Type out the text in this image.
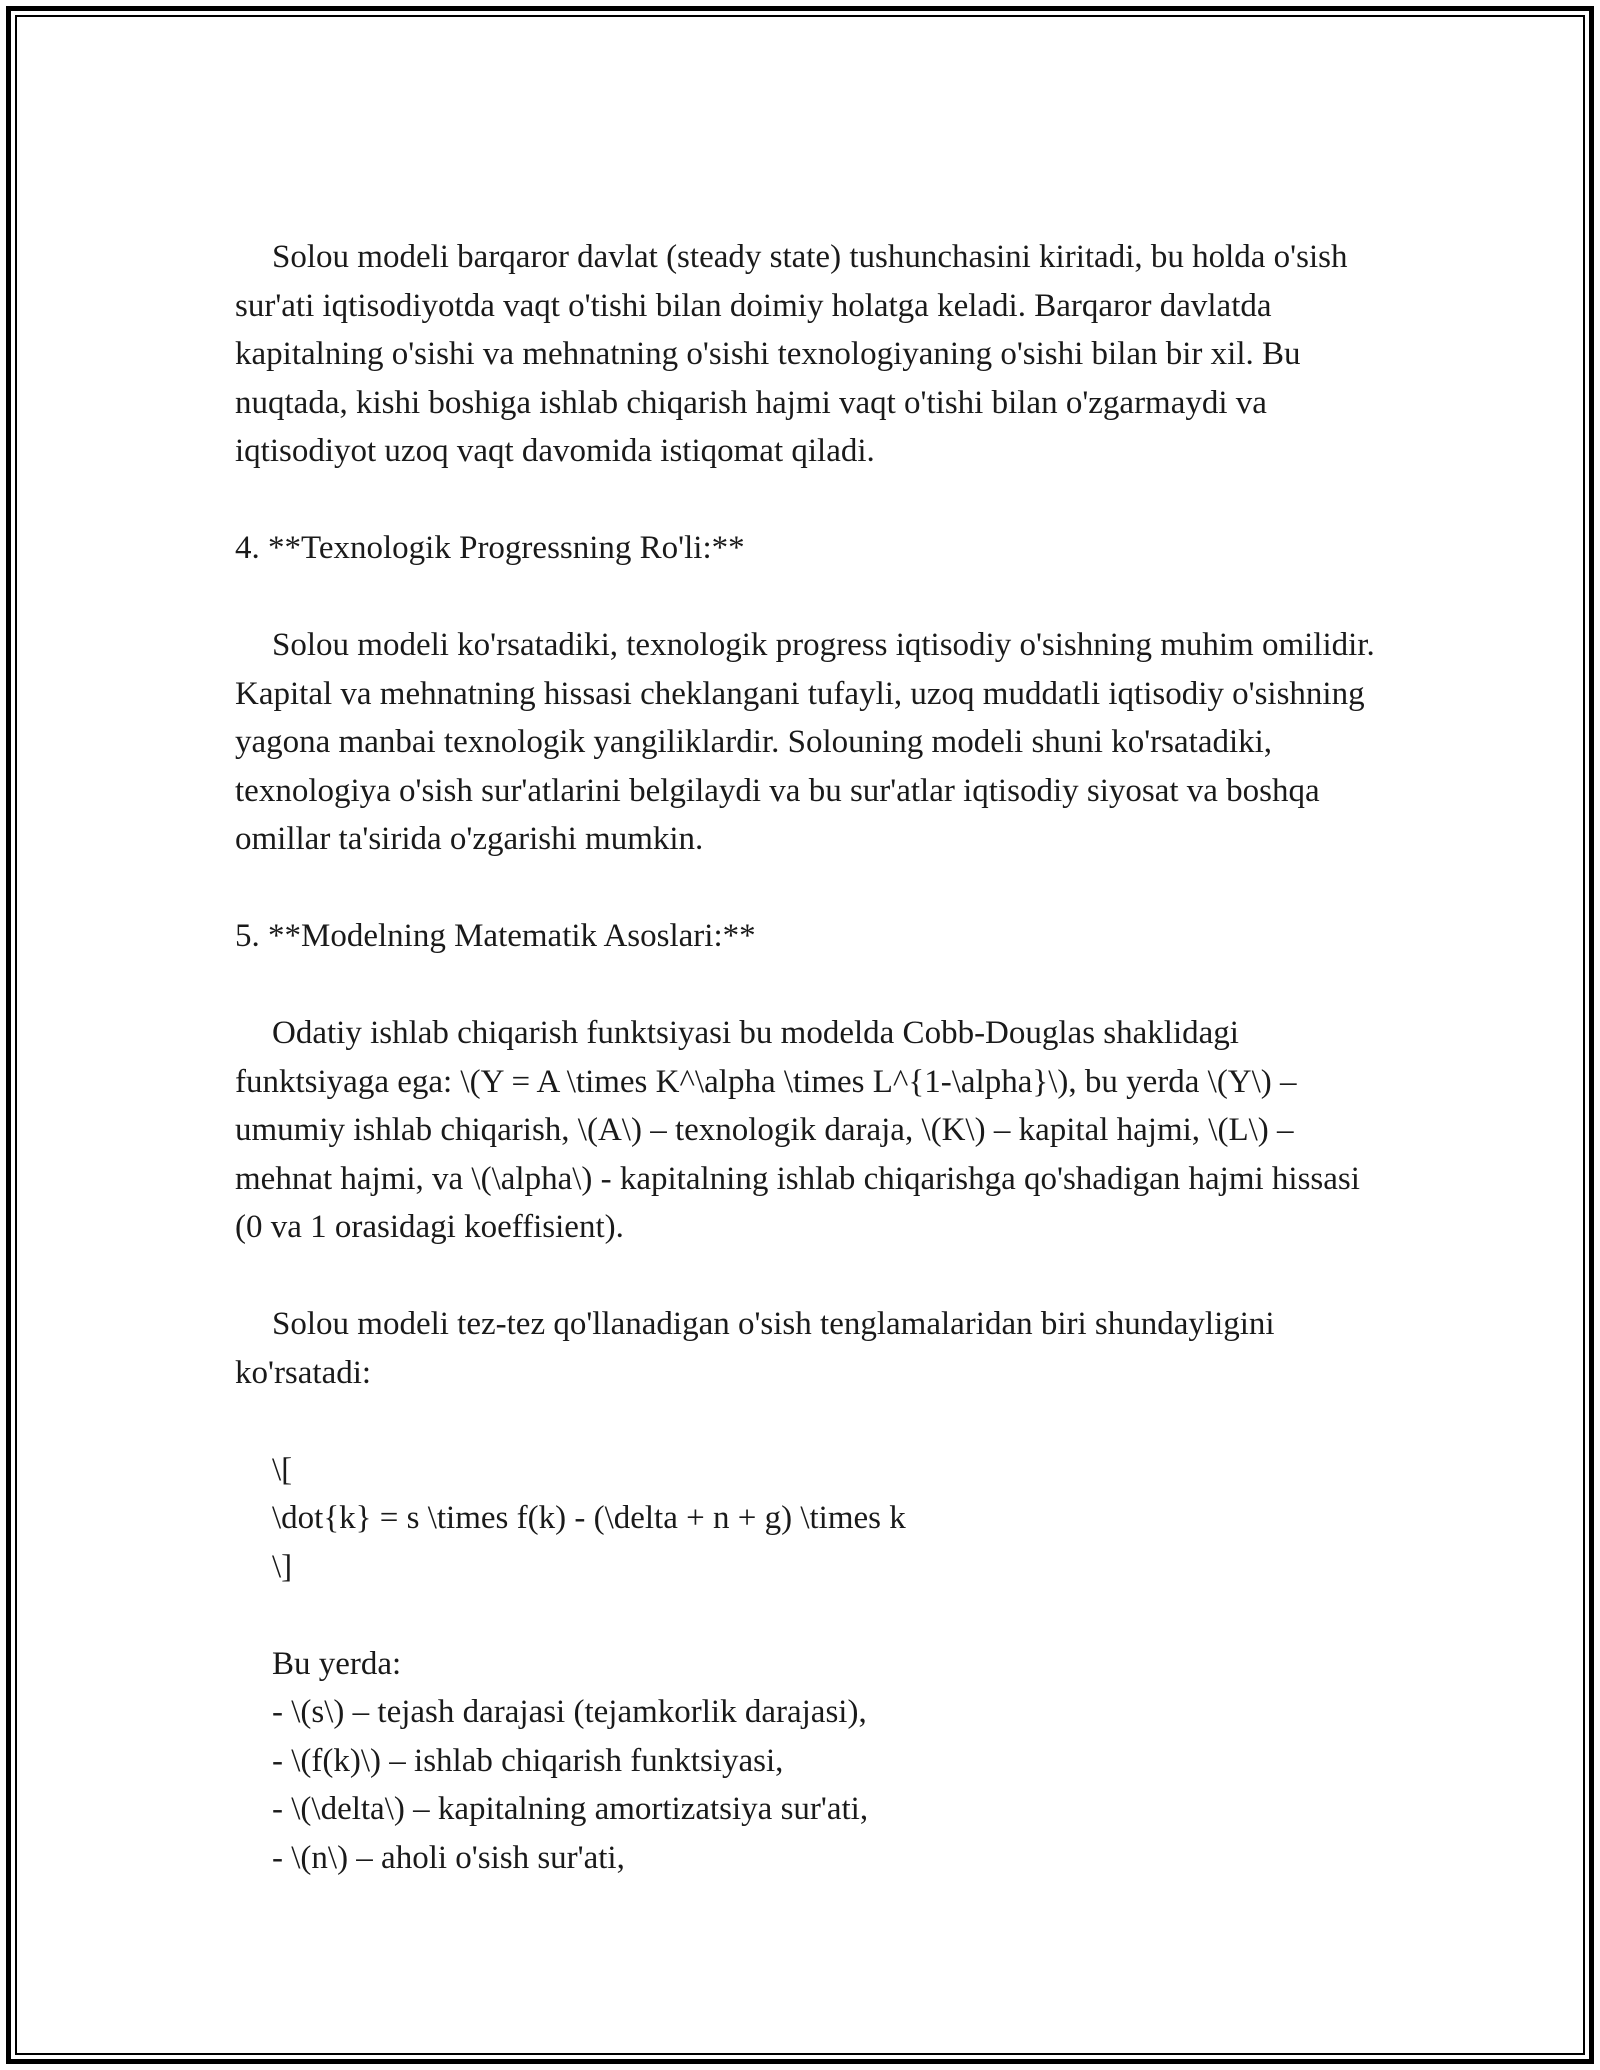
Solou modeli barqaror davlat (steady state) tushunchasini kiritadi, bu holda o'sish sur'ati iqtisodiyotda vaqt o'tishi bilan doimiy holatga keladi. Barqaror davlatda kapitalning o'sishi va mehnatning o'sishi texnologiyaning o'sishi bilan bir xil. Bu nuqtada, kishi boshiga ishlab chiqarish hajmi vaqt o'tishi bilan o'zgarmaydi va iqtisodiyot uzoq vaqt davomida istiqomat qiladi.

4. **Texnologik Progressning Ro'li:**

Solou modeli ko'rsatadiki, texnologik progress iqtisodiy o'sishning muhim omilidir. Kapital va mehnatning hissasi cheklangani tufayli, uzoq muddatli iqtisodiy o'sishning yagona manbai texnologik yangiliklardir. Solouning modeli shuni ko'rsatadiki, texnologiya o'sish sur'atlarini belgilaydi va bu sur'atlar iqtisodiy siyosat va boshqa omillar ta'sirida o'zgarishi mumkin.

5. **Modelning Matematik Asoslari:**

Odatiy ishlab chiqarish funktsiyasi bu modelda Cobb-Douglas shaklidagi funktsiyaga ega: \(Y = A \times K^\alpha \times L^{1-\alpha}\), bu yerda \(Y\) – umumiy ishlab chiqarish, \(A\) – texnologik daraja, \(K\) – kapital hajmi, \(L\) – mehnat hajmi, va \(\alpha\) - kapitalning ishlab chiqarishga qo'shadigan hajmi hissasi (0 va 1 orasidagi koeffisient).

Solou modeli tez-tez qo'llanadigan o'sish tenglamalaridan biri shundayligini ko'rsatadi:

\[
\dot{k} = s \times f(k) - (\delta + n + g) \times k
\]
Bu yerda:
- \(s\) – tejash darajasi (tejamkorlik darajasi),
- \(f(k)\) – ishlab chiqarish funktsiyasi,
- \(\delta\) – kapitalning amortizatsiya sur'ati,
- \(n\) – aholi o'sish sur'ati,
